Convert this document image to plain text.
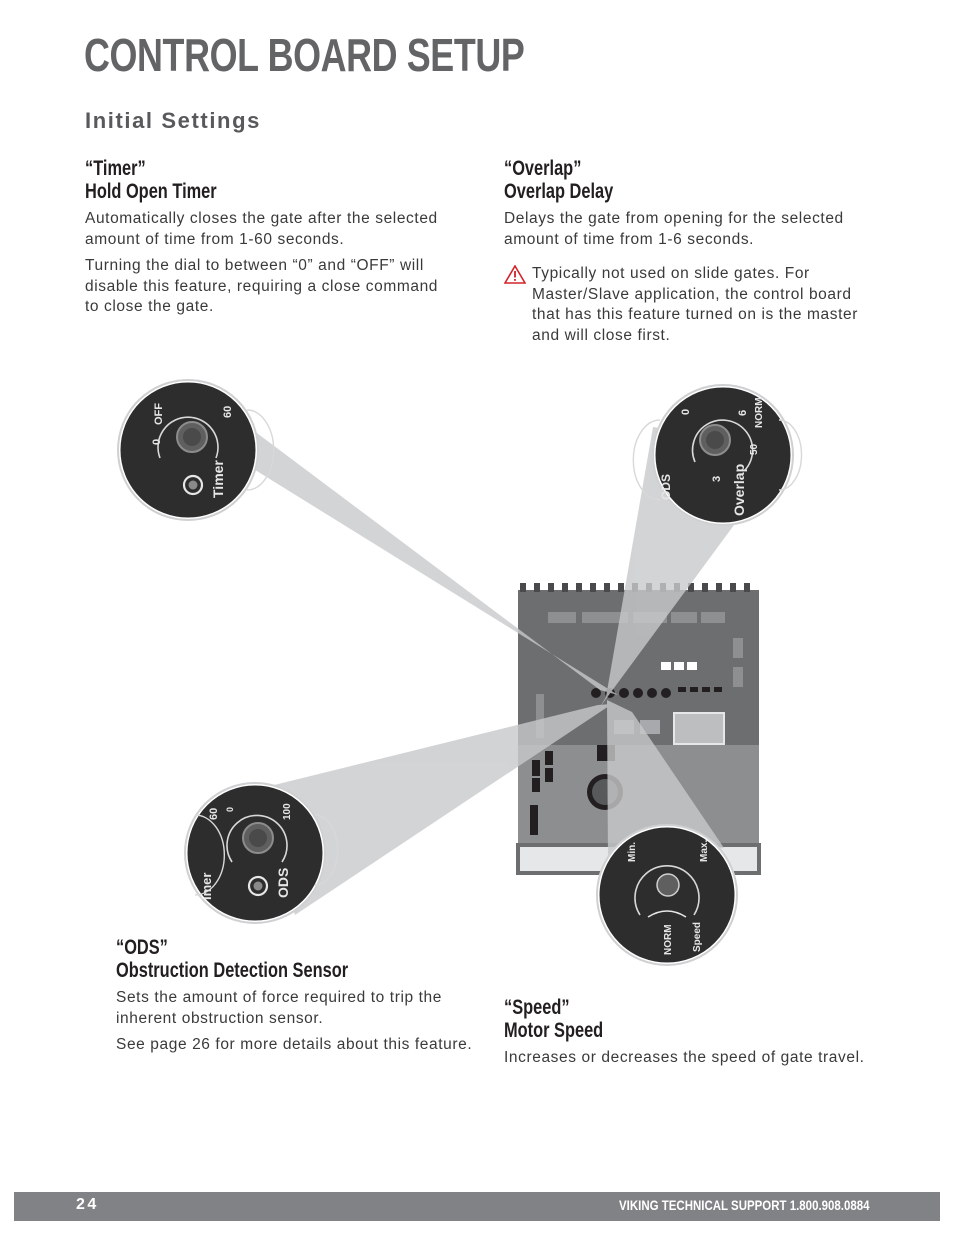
CONTROL BOARD SETUP
Initial Settings
“Timer”
Hold Open Timer
Automatically closes the gate after the selected amount of time from 1-60 seconds.
Turning the dial to between “0” and “OFF” will disable this feature, requiring a close command to close the gate.
“Overlap”
Overlap Delay
Delays the gate from opening for the selected amount of time from 1-6 seconds.
Typically not used on slide gates. For Master/Slave application, the control board that has this feature turned on is the master and will close first.
0
OFF	60
Timer
0	6 NORM
50
3
ODS	Overlap
60 0	100
imer	ODS
Min.	Max.
NORM Speed
“ODS”
Obstruction Detection Sensor
Sets the amount of force required to trip the inherent obstruction sensor.
See page 26 for more details about this feature.
“Speed”
Motor Speed
Increases or decreases the speed of gate travel.
24	VIKING TECHNICAL SUPPORT 1.800.908.0884
